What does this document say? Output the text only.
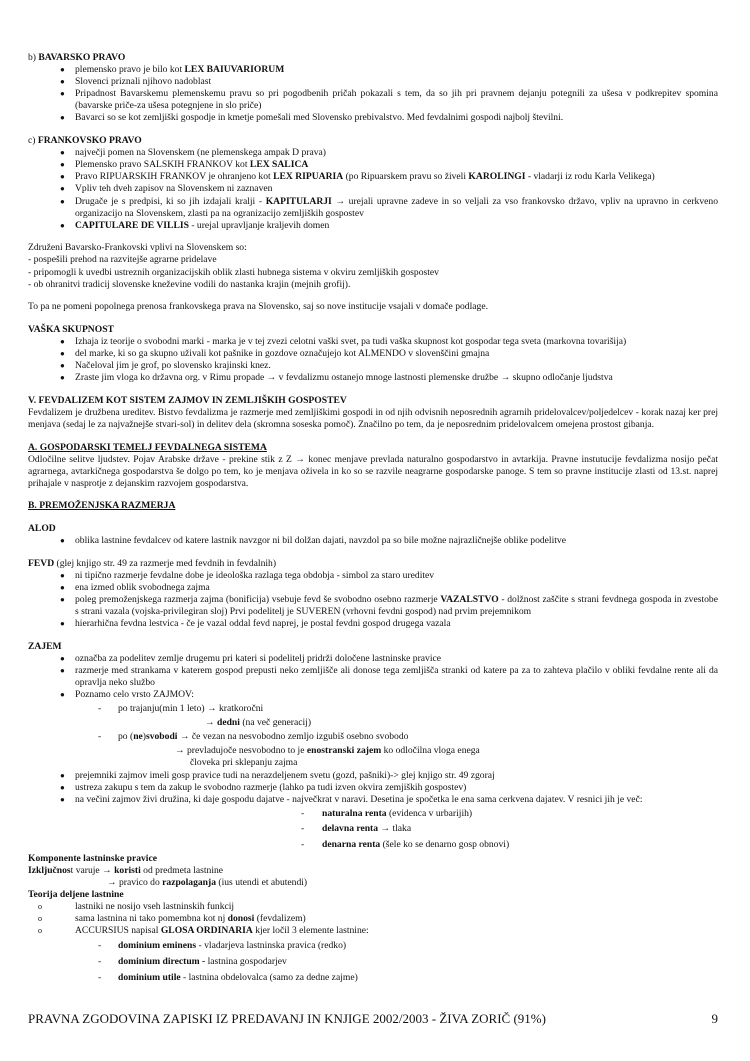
b) BAVARSKO PRAVO
● plemensko pravo je bilo kot LEX BAIUVARIORUM
● Slovenci priznali njihovo nadoblast
● Pripadnost Bavarskemu plemenskemu pravu so pri pogodbenih pričah pokazali s tem, da so jih pri pravnem dejanju potegnili za ušesa v podkrepitev spomina (bavarske priče-za ušesa potegnjene in slo priče)
● Bavarci so se kot zemljiški gospodje in kmetje pomešali med Slovensko prebivalstvo. Med fevdalnimi gospodi najbolj številni.
c) FRANKOVSKO PRAVO
● največji pomen na Slovenskem (ne plemenskega ampak D prava)
● Plemensko pravo SALSKIH FRANKOV kot LEX SALICA
● Pravo RIPUARSKIH FRANKOV je ohranjeno kot LEX RIPUARIA (po Ripuarskem pravu so živeli KAROLINGI - vladarji iz rodu Karla Velikega)
● Vpliv teh dveh zapisov na Slovenskem ni zaznaven
● Drugače je s predpisi, ki so jih izdajali kralji - KAPITULARJI → urejali upravne zadeve in so veljali za vso frankovsko državo, vpliv na upravno in cerkveno organizacijo na Slovenskem, zlasti pa na ogranizacijo zemljiških gospostev
● CAPITULARE DE VILLIS - urejal upravljanje kraljevih domen
Združeni Bavarsko-Frankovski vplivi na Slovenskem so:
- pospešili prehod na razvitejše agrarne pridelave
- pripomogli k uvedbi ustreznih organizacijskih oblik zlasti hubnega sistema v okviru zemljiških gospostev
- ob ohranitvi tradicij slovenske kneževine vodili do nastanka krajin (mejnih grofij).
To pa ne pomeni popolnega prenosa frankovskega prava na Slovensko, saj so nove institucije vsajali v domače podlage.
VAŠKA SKUPNOST
● Izhaja iz teorije o svobodni marki - marka je v tej zvezi celotni vaški svet, pa tudi vaška skupnost kot gospodar tega sveta (markovna tovarišija)
● del marke, ki so ga skupno uživali kot pašnike in gozdove označujejo kot ALMENDO v slovenščini gmajna
● Načeloval jim je grof, po slovensko krajinski knez.
● Zraste jim vloga ko državna org. v Rimu propade → v fevdalizmu ostanejo mnoge lastnosti plemenske družbe → skupno odločanje ljudstva
V. FEVDALIZEM KOT SISTEM ZAJMOV IN ZEMLJIŠKIH GOSPOSTEV
Fevdalizem je družbena ureditev. Bistvo fevdalizma je razmerje med zemljiškimi gospodi in od njih odvisnih neposrednih agrarnih pridelovalcev/poljedelcev - korak nazaj ker prej menjava (sedaj le za najvažnejše stvari-sol) in delitev dela (skromna soseska pomoč). Značilno po tem, da je neposrednim pridelovalcem omejena prostost gibanja.
A. GOSPODARSKI TEMELJ FEVDALNEGA SISTEMA
Odločilne selitve ljudstev. Pojav Arabske države - prekine stik z Z → konec menjave prevlada naturalno gospodarstvo in avtarkija. Pravne instutucije fevdalizma nosijo pečat agrarnega, avtarkičnega gospodarstva še dolgo po tem, ko je menjava oživela in ko so se razvile neagrarne gospodarske panoge. S tem so pravne institucije zlasti od 13.st. naprej prihajale v nasprotje z dejanskim razvojem gospodarstva.
B. PREMOŽENJSKA RAZMERJA
ALOD
● oblika lastnine fevdalcev od katere lastnik navzgor ni bil dolžan dajati, navzdol pa so bile možne najrazličnejše oblike podelitve
FEVD (glej knjigo str. 49 za razmerje med fevdnih in fevdalnih)
● ni tipično razmerje fevdalne dobe je ideološka razlaga tega obdobja - simbol za staro ureditev
● ena izmed oblik svobodnega zajma
● poleg premoženjskega razmerja zajma (bonificija) vsebuje fevd še svobodno osebno razmerje VAZALSTVO - dolžnost zaščite s strani fevdnega gospoda in zvestobe s strani vazala (vojska-privilegiran sloj) Prvi podelitelj je SUVEREN (vrhovni fevdni gospod) nad prvim prejemnikom
● hierarhična fevdna lestvica - če je vazal oddal fevd naprej, je postal fevdni gospod drugega vazala
ZAJEM
● označba za podelitev zemlje drugemu pri kateri si podelitelj pridrži določene lastninske pravice
● razmerje med strankama v katerem gospod prepusti neko zemljišče ali donose tega zemljišča stranki od katere pa za to zahteva plačilo v obliki fevdalne rente ali da opravlja neko službo
● Poznamo celo vrsto ZAJMOV:
- po trajanju(min 1 leto) → kratkoročni
→ dedni (na več generacij)
- po (ne)svobodi → če vezan na nesvobodno zemljo izgubiš osebno svobodo
→ prevladujoče nesvobodno to je enostranski zajem ko odločilna vloga enega
človeka pri sklepanju zajma
● prejemniki zajmov imeli gosp pravice tudi na nerazdeljenem svetu (gozd, pašniki)-> glej knjigo str. 49 zgoraj
● ustreza zakupu s tem da zakup le svobodno razmerje (lahko pa tudi izven okvira zemjiških gospostev)
● na večini zajmov živi družina, ki daje gospodu dajatve - največkrat v naravi. Desetina je spočetka le ena sama cerkvena dajatev. V resnici jih je več:
- naturalna renta (evidenca v urbarijih)
- delavna renta → tlaka
- denarna renta (šele ko se denarno gosp obnovi)
Komponente lastninske pravice
Izključnost varuje → koristi od predmeta lastnine
→ pravico do razpolaganja (ius utendi et abutendi)
Teorija deljene lastnine
o	lastniki ne nosijo vseh lastninskih funkcij
o	sama lastnina ni tako pomembna kot nj donosi (fevdalizem)
o	ACCURSIUS napisal GLOSA ORDINARIA kjer ločil 3 elemente lastnine:
- dominium eminens - vladarjeva lastninska pravica (redko)
- dominium directum - lastnina gospodarjev
- dominium utile - lastnina obdelovalca (samo za dedne zajme)
PRAVNA ZGODOVINA ZAPISKI IZ PREDAVANJ IN KNJIGE 2002/2003 - ŽIVA ZORIČ (91%)	9
